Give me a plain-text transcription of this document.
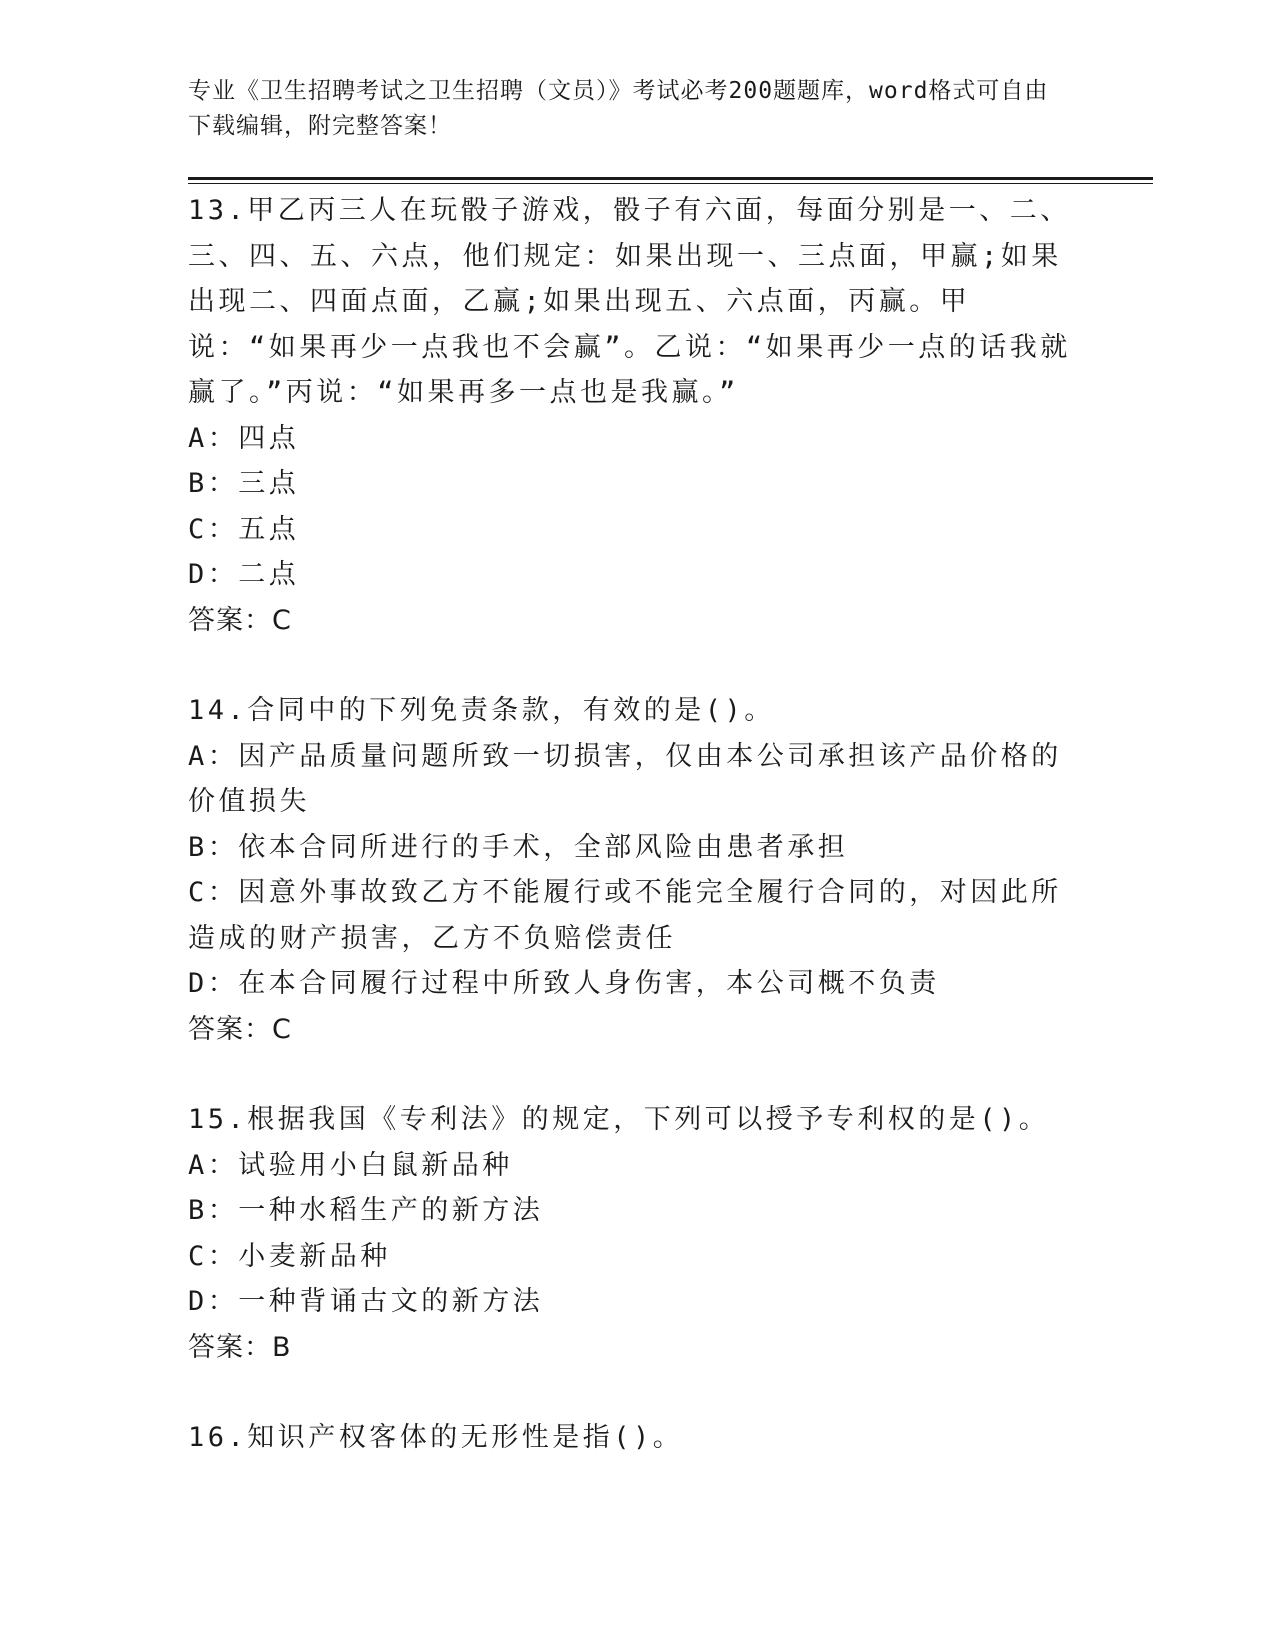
专业《卫生招聘考试之卫生招聘（文员）》考试必考200题题库，word格式可自由下载编辑，附完整答案！
13.甲乙丙三人在玩骰子游戏，骰子有六面，每面分别是一、二、三、四、五、六点，他们规定：如果出现一、三点面，甲赢;如果出现二、四面点面，乙赢;如果出现五、六点面，丙赢。甲说：“如果再少一点我也不会赢”。乙说：“如果再少一点的话我就赢了。”丙说：“如果再多一点也是我赢。”
A：四点
B：三点
C：五点
D：二点
答案：C
14.合同中的下列免责条款，有效的是()。
A：因产品质量问题所致一切损害，仅由本公司承担该产品价格的价值损失
B：依本合同所进行的手术，全部风险由患者承担
C：因意外事故致乙方不能履行或不能完全履行合同的，对因此所造成的财产损害，乙方不负赔偿责任
D：在本合同履行过程中所致人身伤害，本公司概不负责
答案：C
15.根据我国《专利法》的规定，下列可以授予专利权的是()。
A：试验用小白鼠新品种
B：一种水稻生产的新方法
C：小麦新品种
D：一种背诵古文的新方法
答案：B
16.知识产权客体的无形性是指()。
